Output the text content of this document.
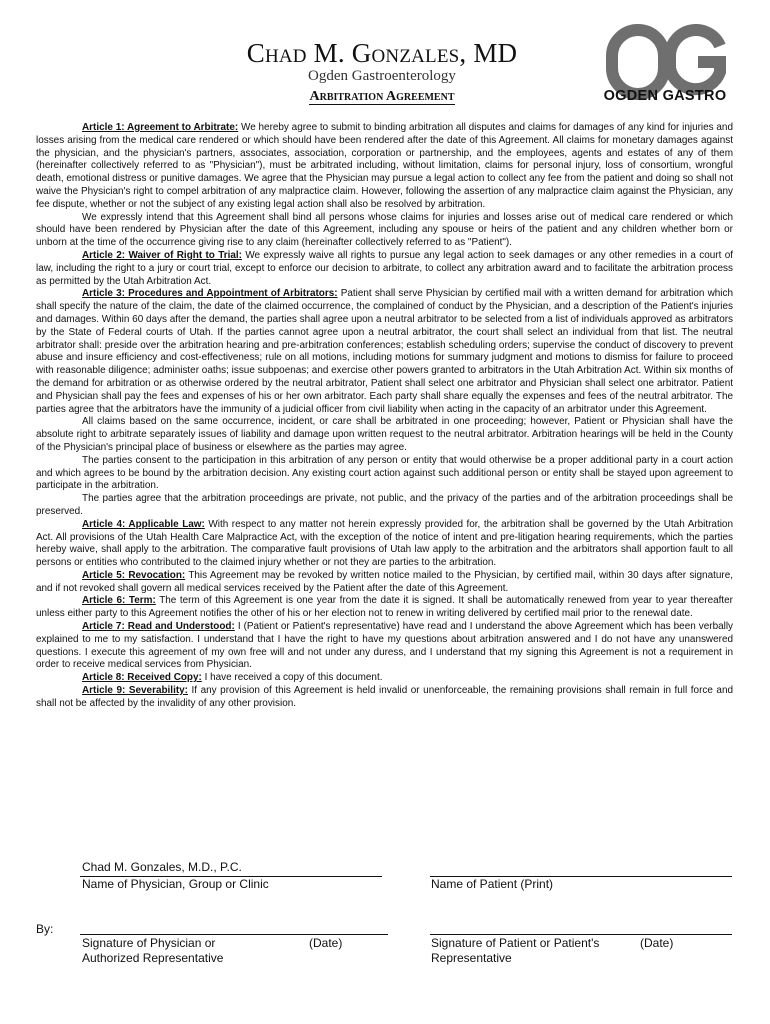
Chad M. Gonzales, MD
Ogden Gastroenterology
Arbitration Agreement
OG
OGDEN GASTRO

Article 1: Agreement to Arbitrate: We hereby agree to submit to binding arbitration all disputes and claims for damages of any kind for injuries and losses arising from the medical care rendered or which should have been rendered after the date of this Agreement. All claims for monetary damages against the physician, and the physician's partners, associates, association, corporation or partnership, and the employees, agents and estates of any of them (hereinafter collectively referred to as "Physician"), must be arbitrated including, without limitation, claims for personal injury, loss of consortium, wrongful death, emotional distress or punitive damages. We agree that the Physician may pursue a legal action to collect any fee from the patient and doing so shall not waive the Physician's right to compel arbitration of any malpractice claim. However, following the assertion of any malpractice claim against the Physician, any fee dispute, whether or not the subject of any existing legal action shall also be resolved by arbitration.

We expressly intend that this Agreement shall bind all persons whose claims for injuries and losses arise out of medical care rendered or which should have been rendered by Physician after the date of this Agreement, including any spouse or heirs of the patient and any children whether born or unborn at the time of the occurrence giving rise to any claim (hereinafter collectively referred to as "Patient").

Article 2: Waiver of Right to Trial: We expressly waive all rights to pursue any legal action to seek damages or any other remedies in a court of law, including the right to a jury or court trial, except to enforce our decision to arbitrate, to collect any arbitration award and to facilitate the arbitration process as permitted by the Utah Arbitration Act.

Article 3: Procedures and Appointment of Arbitrators: Patient shall serve Physician by certified mail with a written demand for arbitration which shall specify the nature of the claim, the date of the claimed occurrence, the complained of conduct by the Physician, and a description of the Patient's injuries and damages. Within 60 days after the demand, the parties shall agree upon a neutral arbitrator to be selected from a list of individuals approved as arbitrators by the State of Federal courts of Utah. If the parties cannot agree upon a neutral arbitrator, the court shall select an individual from that list. The neutral arbitrator shall: preside over the arbitration hearing and pre-arbitration conferences; establish scheduling orders; supervise the conduct of discovery to prevent abuse and insure efficiency and cost-effectiveness; rule on all motions, including motions for summary judgment and motions to dismiss for failure to proceed with reasonable diligence; administer oaths; issue subpoenas; and exercise other powers granted to arbitrators in the Utah Arbitration Act. Within six months of the demand for arbitration or as otherwise ordered by the neutral arbitrator, Patient shall select one arbitrator and Physician shall select one arbitrator. Patient and Physician shall pay the fees and expenses of his or her own arbitrator. Each party shall share equally the expenses and fees of the neutral arbitrator. The parties agree that the arbitrators have the immunity of a judicial officer from civil liability when acting in the capacity of an arbitrator under this Agreement.

All claims based on the same occurrence, incident, or care shall be arbitrated in one proceeding; however, Patient or Physician shall have the absolute right to arbitrate separately issues of liability and damage upon written request to the neutral arbitrator. Arbitration hearings will be held in the County of the Physician's principal place of business or elsewhere as the parties may agree.

The parties consent to the participation in this arbitration of any person or entity that would otherwise be a proper additional party in a court action and which agrees to be bound by the arbitration decision. Any existing court action against such additional person or entity shall be stayed upon agreement to participate in the arbitration.

The parties agree that the arbitration proceedings are private, not public, and the privacy of the parties and of the arbitration proceedings shall be preserved.

Article 4: Applicable Law: With respect to any matter not herein expressly provided for, the arbitration shall be governed by the Utah Arbitration Act. All provisions of the Utah Health Care Malpractice Act, with the exception of the notice of intent and pre-litigation hearing requirements, which the parties hereby waive, shall apply to the arbitration. The comparative fault provisions of Utah law apply to the arbitration and the arbitrators shall apportion fault to all persons or entities who contributed to the claimed injury whether or not they are parties to the arbitration.

Article 5: Revocation: This Agreement may be revoked by written notice mailed to the Physician, by certified mail, within 30 days after signature, and if not revoked shall govern all medical services received by the Patient after the date of this Agreement.

Article 6: Term: The term of this Agreement is one year from the date it is signed. It shall be automatically renewed from year to year thereafter unless either party to this Agreement notifies the other of his or her election not to renew in writing delivered by certified mail prior to the renewal date.

Article 7: Read and Understood: I (Patient or Patient's representative) have read and I understand the above Agreement which has been verbally explained to me to my satisfaction. I understand that I have the right to have my questions about arbitration answered and I do not have any unanswered questions. I execute this agreement of my own free will and not under any duress, and I understand that my signing this Agreement is not a requirement in order to receive medical services from Physician.

Article 8: Received Copy: I have received a copy of this document.

Article 9: Severability: If any provision of this Agreement is held invalid or unenforceable, the remaining provisions shall remain in full force and shall not be affected by the invalidity of any other provision.

Chad M. Gonzales, M.D., P.C.
Name of Physician, Group or Clinic	Name of Patient (Print)
By:
Signature of Physician or
Authorized Representative
(Date)	Signature of Patient or Patient's
Representative
(Date)
